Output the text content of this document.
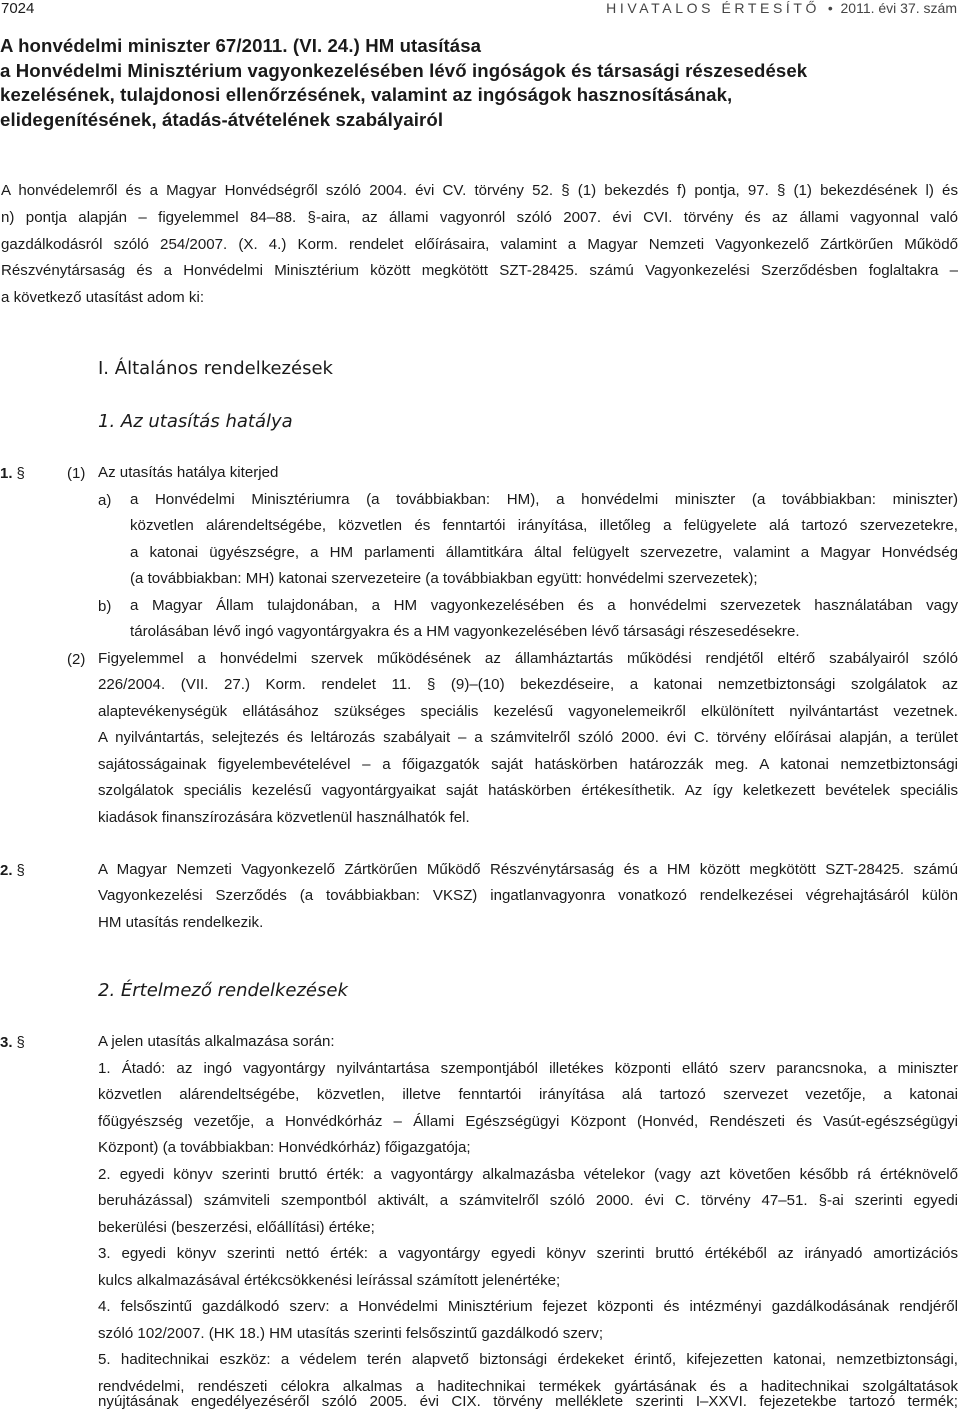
7024	HIVATALOS ÉRTESÍTŐ • 2011. évi 37. szám
A honvédelmi miniszter 67/2011. (VI. 24.) HM utasítása
a Honvédelmi Minisztérium vagyonkezelésében lévő ingóságok és társasági részesedések
kezelésének, tulajdonosi ellenőrzésének, valamint az ingóságok hasznosításának,
elidegenítésének, átadás-átvételének szabályairól
A honvédelemről és a Magyar Honvédségről szóló 2004. évi CV. törvény 52. § (1) bekezdés f) pontja, 97. § (1) bekezdésének l) és
n) pontja alapján – figyelemmel 84–88. §-aira, az állami vagyonról szóló 2007. évi CVI. törvény és az állami vagyonnal való
gazdálkodásról szóló 254/2007. (X. 4.) Korm. rendelet előírásaira, valamint a Magyar Nemzeti Vagyonkezelő Zártkörűen Működő
Részvénytársaság és a Honvédelmi Minisztérium között megkötött SZT-28425. számú Vagyonkezelési Szerződésben foglaltakra –
a következő utasítást adom ki:
I. Általános rendelkezések
1. Az utasítás hatálya
1. §	(1) Az utasítás hatálya kiterjed
a) a Honvédelmi Minisztériumra (a továbbiakban: HM), a honvédelmi miniszter (a továbbiakban: miniszter)
közvetlen alárendeltségébe, közvetlen és fenntartói irányítása, illetőleg a felügyelete alá tartozó szervezetekre,
a katonai ügyészségre, a HM parlamenti államtitkára által felügyelt szervezetre, valamint a Magyar Honvédség
(a továbbiakban: MH) katonai szervezeteire (a továbbiakban együtt: honvédelmi szervezetek);
b) a Magyar Állam tulajdonában, a HM vagyonkezelésében és a honvédelmi szervezetek használatában vagy
tárolásában lévő ingó vagyontárgyakra és a HM vagyonkezelésében lévő társasági részesedésekre.
(2) Figyelemmel a honvédelmi szervek működésének az államháztartás működési rendjétől eltérő szabályairól szóló
226/2004. (VII. 27.) Korm. rendelet 11. § (9)–(10) bekezdéseire, a katonai nemzetbiztonsági szolgálatok az
alaptevékenységük ellátásához szükséges speciális kezelésű vagyonelemeikről elkülönített nyilvántartást vezetnek.
A nyilvántartás, selejtezés és leltározás szabályait – a számvitelről szóló 2000. évi C. törvény előírásai alapján, a terület
sajátosságainak figyelembevételével – a főigazgatók saját hatáskörben határozzák meg. A katonai nemzetbiztonsági
szolgálatok speciális kezelésű vagyontárgyaikat saját hatáskörben értékesíthetik. Az így keletkezett bevételek speciális
kiadások finanszírozására közvetlenül használhatók fel.
2. §	A Magyar Nemzeti Vagyonkezelő Zártkörűen Működő Részvénytársaság és a HM között megkötött SZT-28425. számú
Vagyonkezelési Szerződés (a továbbiakban: VKSZ) ingatlanvagyonra vonatkozó rendelkezései végrehajtásáról külön
HM utasítás rendelkezik.
2. Értelmező rendelkezések
3. §	A jelen utasítás alkalmazása során:
1. Átadó: az ingó vagyontárgy nyilvántartása szempontjából illetékes központi ellátó szerv parancsnoka, a miniszter
közvetlen alárendeltségébe, közvetlen, illetve fenntartói irányítása alá tartozó szervezet vezetője, a katonai
főügyészség vezetője, a Honvédkórház – Állami Egészségügyi Központ (Honvéd, Rendészeti és Vasút-egészségügyi
Központ) (a továbbiakban: Honvédkórház) főigazgatója;
2. egyedi könyv szerinti bruttó érték: a vagyontárgy alkalmazásba vételekor (vagy azt követően később rá értéknövelő
beruházással) számviteli szempontból aktivált, a számvitelről szóló 2000. évi C. törvény 47–51. §-ai szerinti egyedi
bekerülési (beszerzési, előállítási) értéke;
3. egyedi könyv szerinti nettó érték: a vagyontárgy egyedi könyv szerinti bruttó értékéből az irányadó amortizációs
kulcs alkalmazásával értékcsökkenési leírással számított jelenértéke;
4. felsőszintű gazdálkodó szerv: a Honvédelmi Minisztérium fejezet központi és intézményi gazdálkodásának rendjéről
szóló 102/2007. (HK 18.) HM utasítás szerinti felsőszintű gazdálkodó szerv;
5. haditechnikai eszköz: a védelem terén alapvető biztonsági érdekeket érintő, kifejezetten katonai, nemzetbiztonsági,
rendvédelmi, rendészeti célokra alkalmas a haditechnikai termékek gyártásának és a haditechnikai szolgáltatások
nyújtásának engedélyezéséről szóló 2005. évi CIX. törvény melléklete szerinti I–XXVI. fejezetekbe tartozó termék;
